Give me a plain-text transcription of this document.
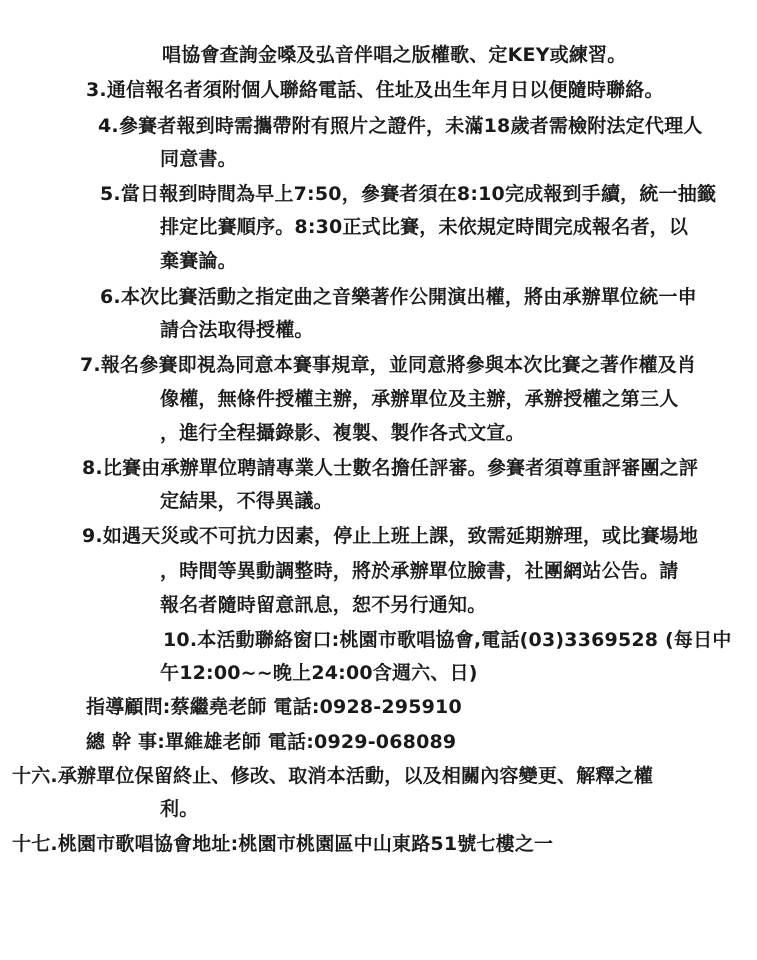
唱協會查詢金嗓及弘音伴唱之版權歌、定KEY或練習。
3.通信報名者須附個人聯絡電話、住址及出生年月日以便隨時聯絡。
4.參賽者報到時需攜帶附有照片之證件，未滿18歲者需檢附法定代理人
同意書。
5.當日報到時間為早上7:50，參賽者須在8:10完成報到手續，統一抽籤
排定比賽順序。8:30正式比賽，未依規定時間完成報名者，以
棄賽論。
6.本次比賽活動之指定曲之音樂著作公開演出權，將由承辦單位統一申
請合法取得授權。
7.報名參賽即視為同意本賽事規章，並同意將參與本次比賽之著作權及肖
像權，無條件授權主辦，承辦單位及主辦，承辦授權之第三人
，進行全程攝錄影、複製、製作各式文宣。
8.比賽由承辦單位聘請專業人士數名擔任評審。參賽者須尊重評審團之評
定結果，不得異議。
9.如遇天災或不可抗力因素，停止上班上課，致需延期辦理，或比賽場地
，時間等異動調整時，將於承辦單位臉書，社團網站公告。請
報名者隨時留意訊息，恕不另行通知。
10.本活動聯絡窗口:桃園市歌唱協會,電話(03)3369528 (每日中
午12:00~~晚上24:00含週六、日)
指導顧問:蔡繼堯老師 電話:0928-295910
總 幹 事:單維雄老師 電話:0929-068089
十六.承辦單位保留終止、修改、取消本活動，以及相關內容變更、解釋之權
利。
十七.桃園市歌唱協會地址:桃園市桃園區中山東路51號七樓之一
